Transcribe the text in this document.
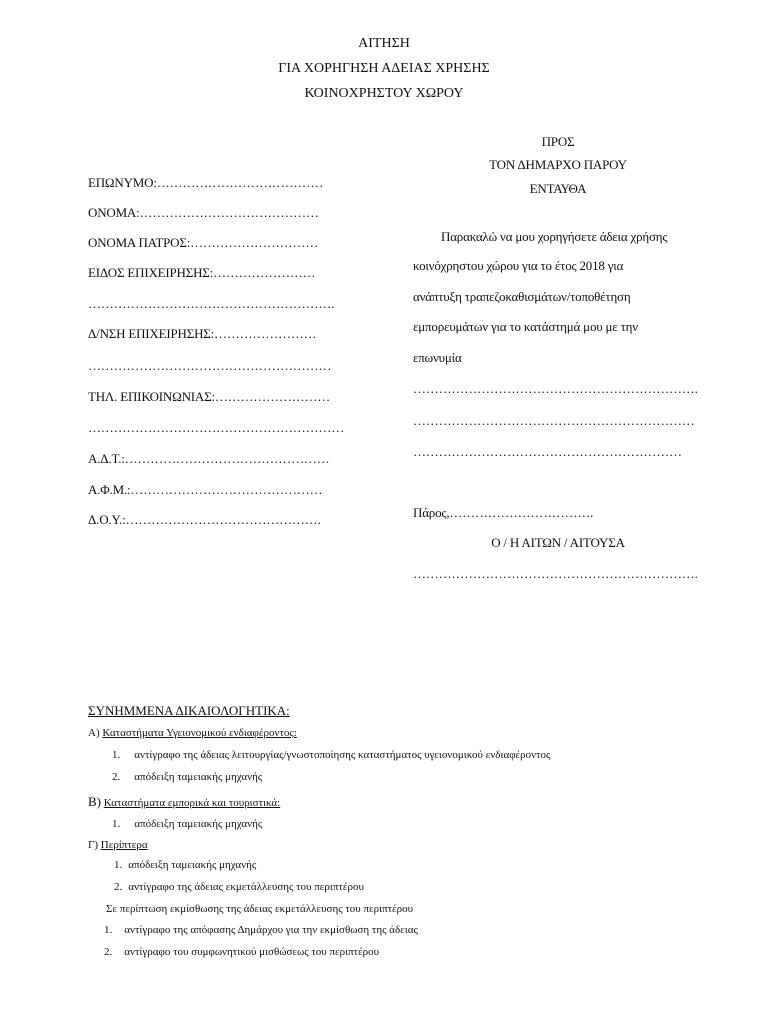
ΑΙΤΗΣΗ
ΓΙΑ ΧΟΡΗΓΗΣΗ ΑΔΕΙΑΣ ΧΡΗΣΗΣ
ΚΟΙΝΟΧΡΗΣΤΟΥ ΧΩΡΟΥ
ΕΠΩΝΥΜΟ:…………………………………
ΟΝΟΜΑ:……………………………………
ΟΝΟΜΑ ΠΑΤΡΟΣ:…………………………
ΕΙΔΟΣ ΕΠΙΧΕΙΡΗΣΗΣ:……………………
………………………………………………….
Δ/ΝΣΗ ΕΠΙΧΕΙΡΗΣΗΣ:……………………
…………………………………………………
ΤΗΛ. ΕΠΙΚΟΙΝΩΝΙΑΣ:………………………
……………………………………………………
Α.Δ.Τ.:…………………………………………
Α.Φ.Μ.:………………………………………
Δ.Ο.Υ.:……………………………………….
ΠΡΟΣ
ΤΟΝ ΔΗΜΑΡΧΟ ΠΑΡΟΥ
ΕΝΤΑΥΘΑ
Παρακαλώ να μου χορηγήσετε άδεια χρήσης
κοινόχρηστου χώρου για το έτος 2018 για
ανάπτυξη τραπεζοκαθισμάτων/τοποθέτηση
εμπορευμάτων για το κατάστημά μου με την
επωνυμία
………………………………………………………….
…………………………………………………………
………………………………………………………
Πάρος,…………………………….
Ο / Η ΑΙΤΩΝ / ΑΙΤΟΥΣΑ
………………………………………………………….
ΣΥΝΗΜΜΕΝΑ ΔΙΚΑΙΟΛΟΓΗΤΙΚΑ:
Α) Καταστήματα Υγειονομικού ενδιαφέροντος:
1. αντίγραφο της άδειας λειτουργίας/γνωστοποίησης καταστήματος υγειονομικού ενδιαφέροντος
2. απόδειξη ταμειακής μηχανής
Β) Καταστήματα εμπορικά και τουριστικά:
1. απόδειξη ταμειακής μηχανής
Γ) Περίπτερα
1. απόδειξη ταμειακής μηχανής
2. αντίγραφο της άδειας εκμετάλλευσης του περιπτέρου
Σε περίπτωση εκμίσθωσης της άδειας εκμετάλλευσης του περιπτέρου
1. αντίγραφο της απόφασης Δημάρχου για την εκμίσθωση της άδειας
2. αντίγραφο του συμφωνητικού μισθώσεως του περιπτέρου
